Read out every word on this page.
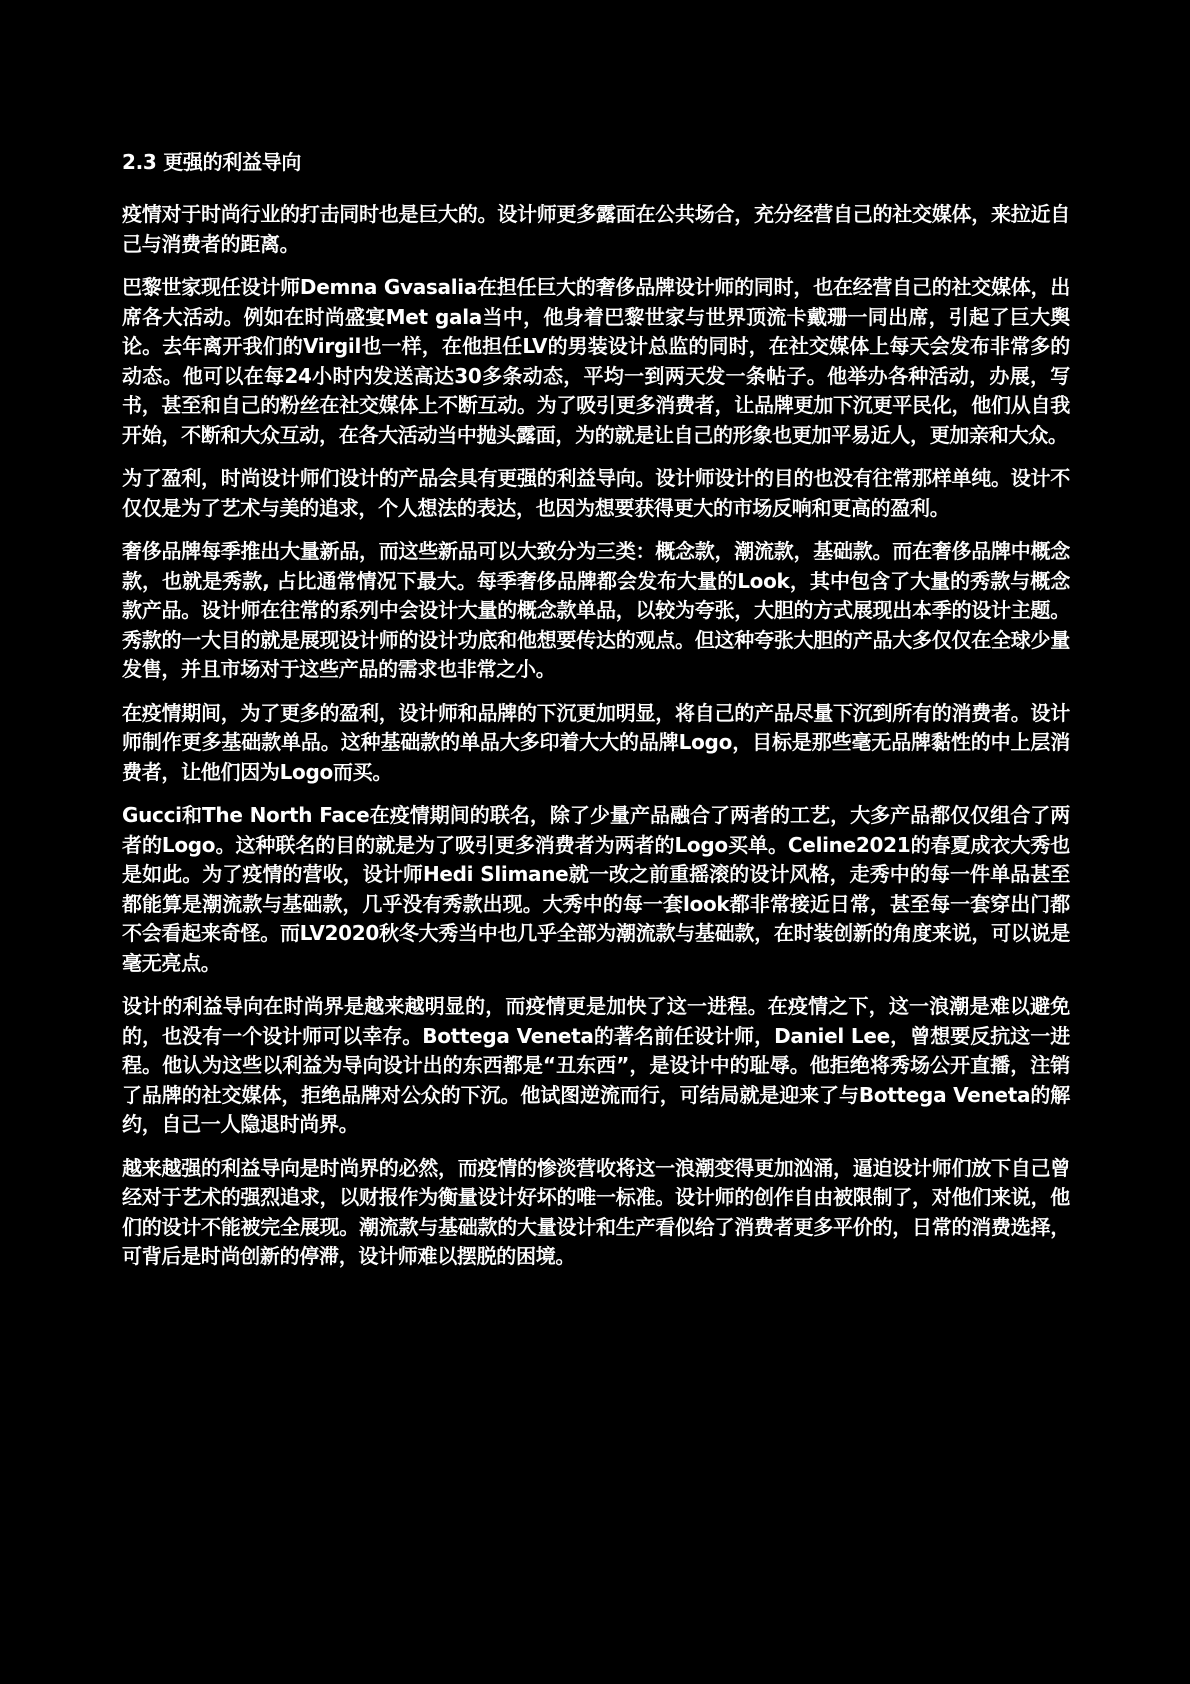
2.3 更强的利益导向

疫情对于时尚行业的打击同时也是巨大的。设计师更多露面在公共场合，充分经营自己的社交媒体，来拉近自己与消费者的距离。

巴黎世家现任设计师Demna Gvasalia在担任巨大的奢侈品牌设计师的同时，也在经营自己的社交媒体，出席各大活动。例如在时尚盛宴Met gala当中，他身着巴黎世家与世界顶流卡戴珊一同出席，引起了巨大舆论。去年离开我们的Virgil也一样，在他担任LV的男装设计总监的同时，在社交媒体上每天会发布非常多的动态。他可以在每24小时内发送高达30多条动态，平均一到两天发一条帖子。他举办各种活动，办展，写书，甚至和自己的粉丝在社交媒体上不断互动。为了吸引更多消费者，让品牌更加下沉更平民化，他们从自我开始，不断和大众互动，在各大活动当中抛头露面，为的就是让自己的形象也更加平易近人，更加亲和大众。

为了盈利，时尚设计师们设计的产品会具有更强的利益导向。设计师设计的目的也没有往常那样单纯。设计不仅仅是为了艺术与美的追求，个人想法的表达，也因为想要获得更大的市场反响和更高的盈利。

奢侈品牌每季推出大量新品，而这些新品可以大致分为三类：概念款，潮流款，基础款。而在奢侈品牌中概念款，也就是秀款, 占比通常情况下最大。每季奢侈品牌都会发布大量的Look，其中包含了大量的秀款与概念款产品。设计师在往常的系列中会设计大量的概念款单品，以较为夸张，大胆的方式展现出本季的设计主题。秀款的一大目的就是展现设计师的设计功底和他想要传达的观点。但这种夸张大胆的产品大多仅仅在全球少量发售，并且市场对于这些产品的需求也非常之小。

在疫情期间，为了更多的盈利，设计师和品牌的下沉更加明显，将自己的产品尽量下沉到所有的消费者。设计师制作更多基础款单品。这种基础款的单品大多印着大大的品牌Logo，目标是那些毫无品牌黏性的中上层消费者，让他们因为Logo而买。

Gucci和The North Face在疫情期间的联名，除了少量产品融合了两者的工艺，大多产品都仅仅组合了两者的Logo。这种联名的目的就是为了吸引更多消费者为两者的Logo买单。Celine2021的春夏成衣大秀也是如此。为了疫情的营收，设计师Hedi Slimane就一改之前重摇滚的设计风格，走秀中的每一件单品甚至都能算是潮流款与基础款，几乎没有秀款出现。大秀中的每一套look都非常接近日常，甚至每一套穿出门都不会看起来奇怪。而LV2020秋冬大秀当中也几乎全部为潮流款与基础款，在时装创新的角度来说，可以说是毫无亮点。

设计的利益导向在时尚界是越来越明显的，而疫情更是加快了这一进程。在疫情之下，这一浪潮是难以避免的，也没有一个设计师可以幸存。Bottega Veneta的著名前任设计师，Daniel Lee，曾想要反抗这一进程。他认为这些以利益为导向设计出的东西都是“丑东西”，是设计中的耻辱。他拒绝将秀场公开直播，注销了品牌的社交媒体，拒绝品牌对公众的下沉。他试图逆流而行，可结局就是迎来了与Bottega Veneta的解约，自己一人隐退时尚界。

越来越强的利益导向是时尚界的必然，而疫情的惨淡营收将这一浪潮变得更加汹涌，逼迫设计师们放下自己曾经对于艺术的强烈追求，以财报作为衡量设计好坏的唯一标准。设计师的创作自由被限制了，对他们来说，他们的设计不能被完全展现。潮流款与基础款的大量设计和生产看似给了消费者更多平价的，日常的消费选择，可背后是时尚创新的停滞，设计师难以摆脱的困境。
